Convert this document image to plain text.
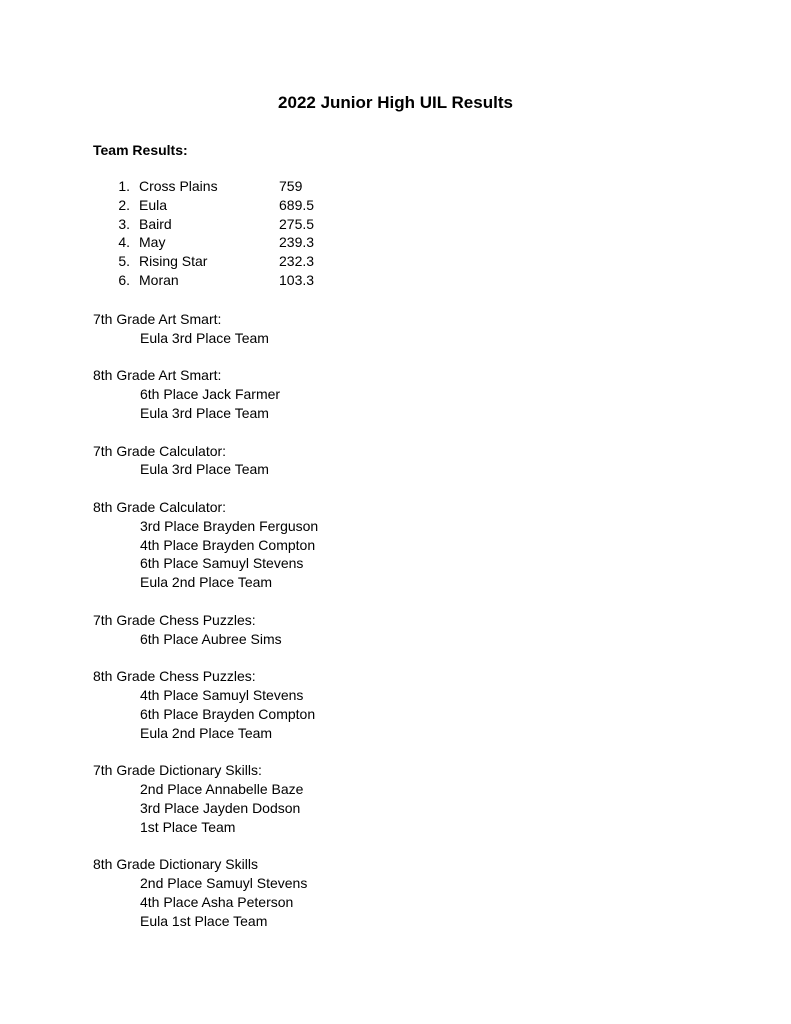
2022 Junior High UIL Results
Team Results:
1. Cross Plains	759
2. Eula	689.5
3. Baird	275.5
4. May	239.3
5. Rising Star	232.3
6. Moran	103.3
7th Grade Art Smart:
Eula 3rd Place Team
8th Grade Art Smart:
6th Place Jack Farmer
Eula 3rd Place Team
7th Grade Calculator:
Eula 3rd Place Team
8th Grade Calculator:
3rd Place Brayden Ferguson
4th Place Brayden Compton
6th Place Samuyl Stevens
Eula 2nd Place Team
7th Grade Chess Puzzles:
6th Place Aubree Sims
8th Grade Chess Puzzles:
4th Place Samuyl Stevens
6th Place Brayden Compton
Eula 2nd Place Team
7th Grade Dictionary Skills:
2nd Place Annabelle Baze
3rd Place Jayden Dodson
1st Place Team
8th Grade Dictionary Skills
2nd Place Samuyl Stevens
4th Place Asha Peterson
Eula 1st Place Team
